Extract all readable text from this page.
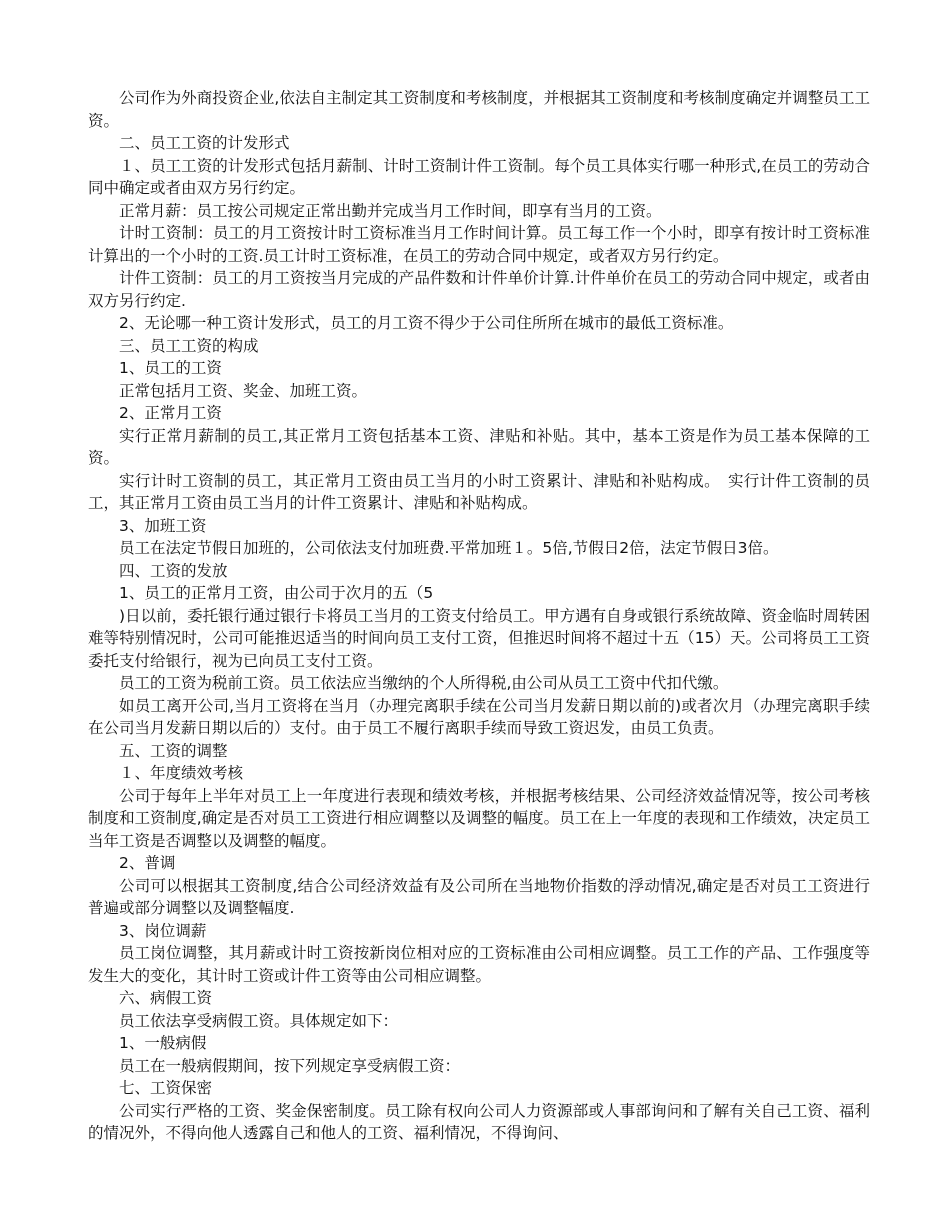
公司作为外商投资企业,依法自主制定其工资制度和考核制度，并根据其工资制度和考核制度确定并调整员工工资。

二、员工工资的计发形式

１、员工工资的计发形式包括月薪制、计时工资制计件工资制。每个员工具体实行哪一种形式,在员工的劳动合同中确定或者由双方另行约定。

正常月薪：员工按公司规定正常出勤并完成当月工作时间，即享有当月的工资。

计时工资制：员工的月工资按计时工资标准当月工作时间计算。员工每工作一个小时，即享有按计时工资标准计算出的一个小时的工资.员工计时工资标准，在员工的劳动合同中规定，或者双方另行约定。

计件工资制：员工的月工资按当月完成的产品件数和计件单价计算.计件单价在员工的劳动合同中规定，或者由双方另行约定.

2、无论哪一种工资计发形式，员工的月工资不得少于公司住所所在城市的最低工资标准。

三、员工工资的构成

1、员工的工资

正常包括月工资、奖金、加班工资。

2、正常月工资

实行正常月薪制的员工,其正常月工资包括基本工资、津贴和补贴。其中，基本工资是作为员工基本保障的工资。

实行计时工资制的员工，其正常月工资由员工当月的小时工资累计、津贴和补贴构成。　实行计件工资制的员工，其正常月工资由员工当月的计件工资累计、津贴和补贴构成。

3、加班工资

员工在法定节假日加班的，公司依法支付加班费.平常加班１。5倍,节假日2倍，法定节假日3倍。

四、工资的发放

1、员工的正常月工资，由公司于次月的五（5

)日以前，委托银行通过银行卡将员工当月的工资支付给员工。甲方遇有自身或银行系统故障、资金临时周转困难等特别情况时，公司可能推迟适当的时间向员工支付工资，但推迟时间将不超过十五（15）天。公司将员工工资委托支付给银行，视为已向员工支付工资。

员工的工资为税前工资。员工依法应当缴纳的个人所得税,由公司从员工工资中代扣代缴。

如员工离开公司,当月工资将在当月（办理完离职手续在公司当月发薪日期以前的)或者次月（办理完离职手续在公司当月发薪日期以后的）支付。由于员工不履行离职手续而导致工资迟发，由员工负责。

五、工资的调整

１、年度绩效考核

公司于每年上半年对员工上一年度进行表现和绩效考核，并根据考核结果、公司经济效益情况等，按公司考核制度和工资制度,确定是否对员工工资进行相应调整以及调整的幅度。员工在上一年度的表现和工作绩效，决定员工当年工资是否调整以及调整的幅度。

2、普调

公司可以根据其工资制度,结合公司经济效益有及公司所在当地物价指数的浮动情况,确定是否对员工工资进行普遍或部分调整以及调整幅度.

3、岗位调薪

员工岗位调整，其月薪或计时工资按新岗位相对应的工资标准由公司相应调整。员工工作的产品、工作强度等发生大的变化，其计时工资或计件工资等由公司相应调整。

六、病假工资

员工依法享受病假工资。具体规定如下：

1、一般病假

员工在一般病假期间，按下列规定享受病假工资：

七、工资保密

公司实行严格的工资、奖金保密制度。员工除有权向公司人力资源部或人事部询问和了解有关自己工资、福利的情况外，不得向他人透露自己和他人的工资、福利情况，不得询问、
